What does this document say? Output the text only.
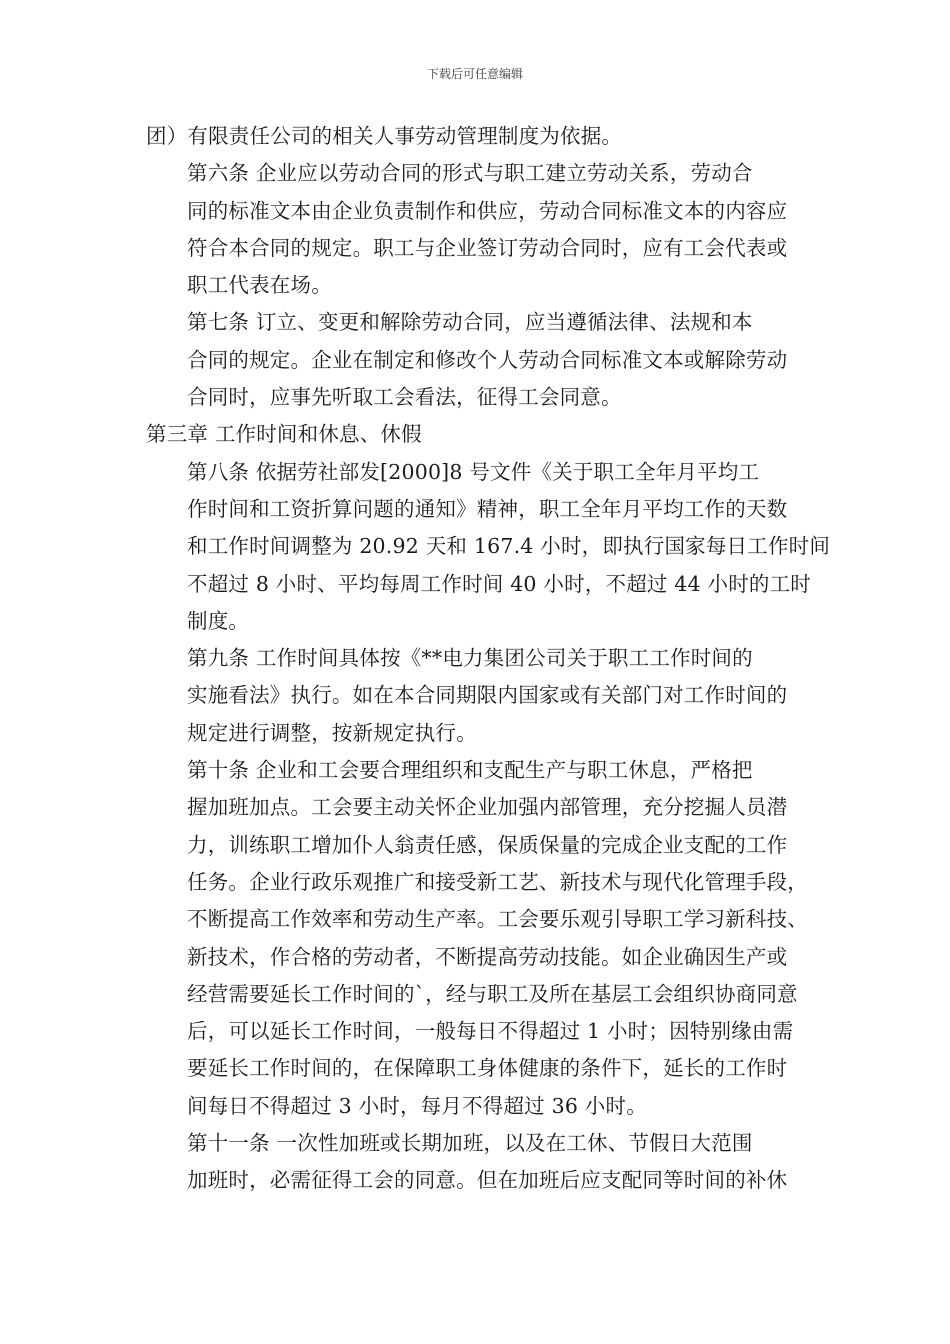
下载后可任意编辑

团）有限责任公司的相关人事劳动管理制度为依据。

第六条 企业应以劳动合同的形式与职工建立劳动关系，劳动合
同的标准文本由企业负责制作和供应，劳动合同标准文本的内容应
符合本合同的规定。职工与企业签订劳动合同时，应有工会代表或
职工代表在场。

第七条 订立、变更和解除劳动合同，应当遵循法律、法规和本
合同的规定。企业在制定和修改个人劳动合同标准文本或解除劳动
合同时，应事先听取工会看法，征得工会同意。

第三章 工作时间和休息、休假

第八条 依据劳社部发[2000]8 号文件《关于职工全年月平均工
作时间和工资折算问题的通知》精神，职工全年月平均工作的天数
和工作时间调整为 20.92 天和 167.4 小时，即执行国家每日工作时间
不超过 8 小时、平均每周工作时间 40 小时，不超过 44 小时的工时
制度。

第九条 工作时间具体按《**电力集团公司关于职工工作时间的
实施看法》执行。如在本合同期限内国家或有关部门对工作时间的
规定进行调整，按新规定执行。

第十条 企业和工会要合理组织和支配生产与职工休息，严格把
握加班加点。工会要主动关怀企业加强内部管理，充分挖掘人员潜
力，训练职工增加仆人翁责任感，保质保量的完成企业支配的工作
任务。企业行政乐观推广和接受新工艺、新技术与现代化管理手段，
不断提高工作效率和劳动生产率。工会要乐观引导职工学习新科技、
新技术，作合格的劳动者，不断提高劳动技能。如企业确因生产或
经营需要延长工作时间的`，经与职工及所在基层工会组织协商同意
后，可以延长工作时间，一般每日不得超过 1 小时；因特别缘由需
要延长工作时间的，在保障职工身体健康的条件下，延长的工作时
间每日不得超过 3 小时，每月不得超过 36 小时。

第十一条 一次性加班或长期加班，以及在工休、节假日大范围
加班时，必需征得工会的同意。但在加班后应支配同等时间的补休
